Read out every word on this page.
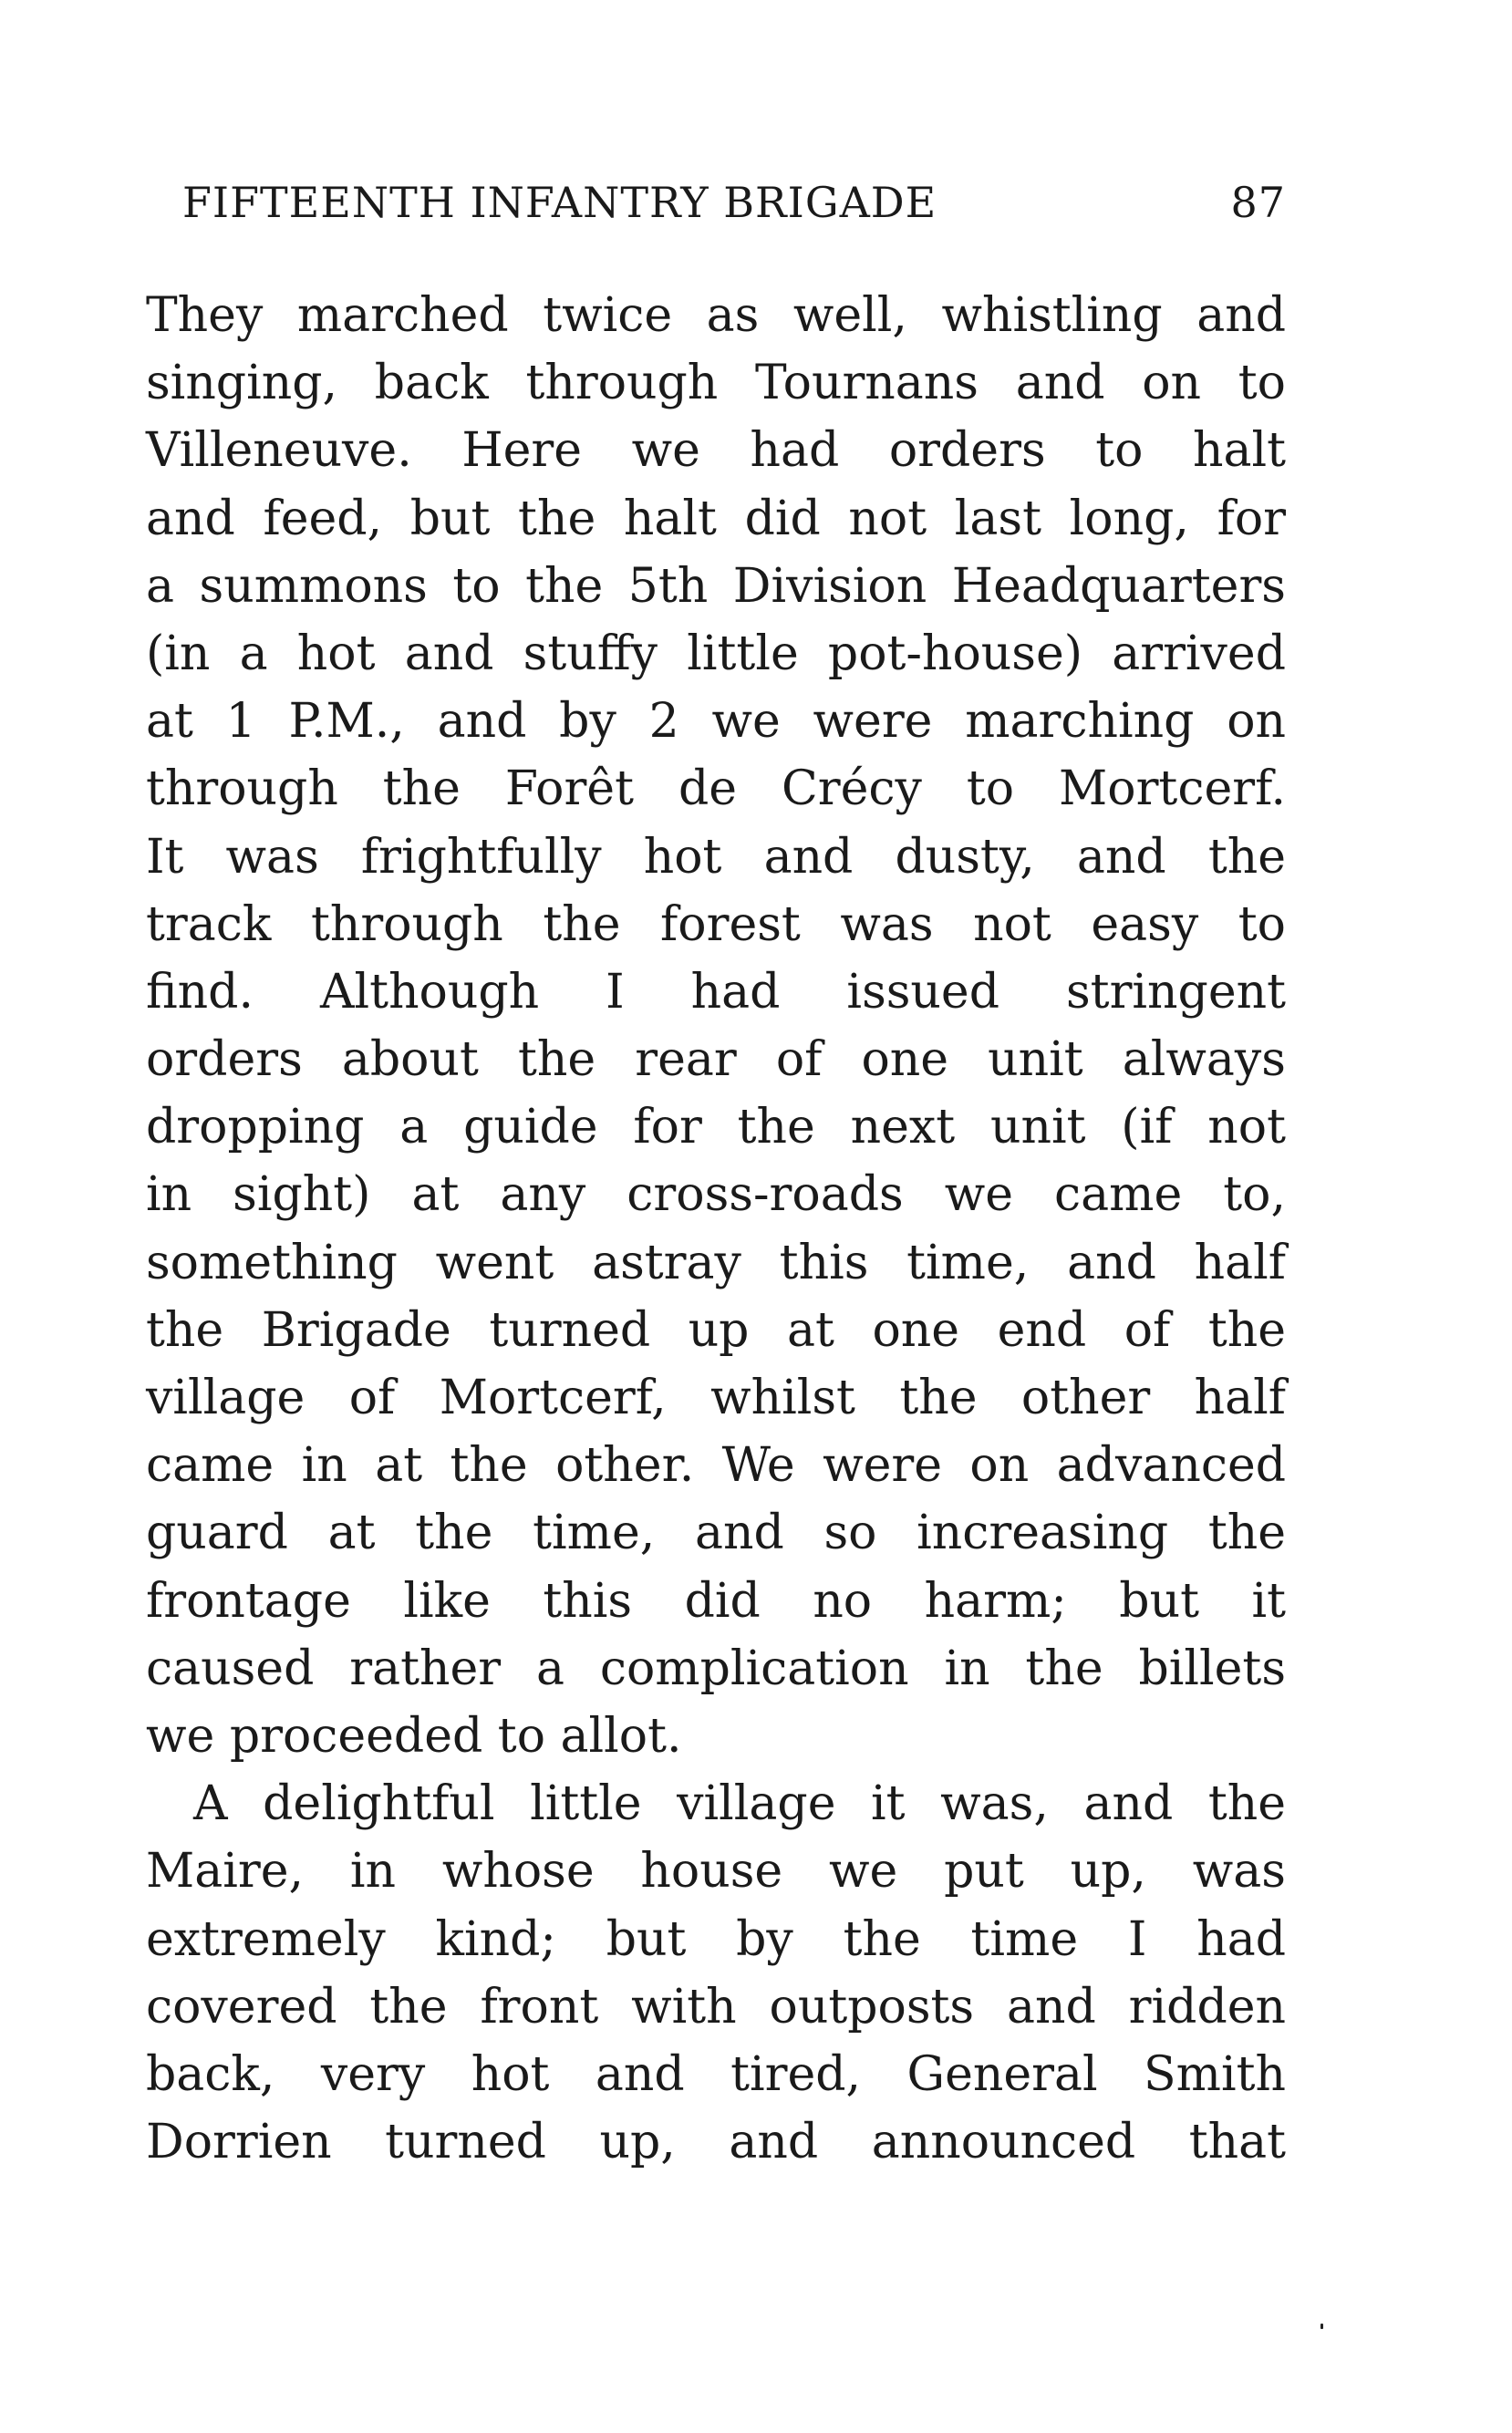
FIFTEENTH INFANTRY BRIGADE	87
They marched twice as well, whistling and
singing, back through Tournans and on to
Villeneuve. Here we had orders to halt
and feed, but the halt did not last long, for
a summons to the 5th Division Headquarters
(in a hot and stuffy little pot-house) arrived
at 1 P.M., and by 2 we were marching on
through the Forêt de Crécy to Mortcerf.
It was frightfully hot and dusty, and the
track through the forest was not easy to
find. Although I had issued stringent
orders about the rear of one unit always
dropping a guide for the next unit (if not
in sight) at any cross-roads we came to,
something went astray this time, and half
the Brigade turned up at one end of the
village of Mortcerf, whilst the other half
came in at the other. We were on advanced
guard at the time, and so increasing the
frontage like this did no harm; but it
caused rather a complication in the billets
we proceeded to allot.
A delightful little village it was, and the
Maire, in whose house we put up, was
extremely kind; but by the time I had
covered the front with outposts and ridden
back, very hot and tired, General Smith
Dorrien turned up, and announced that
